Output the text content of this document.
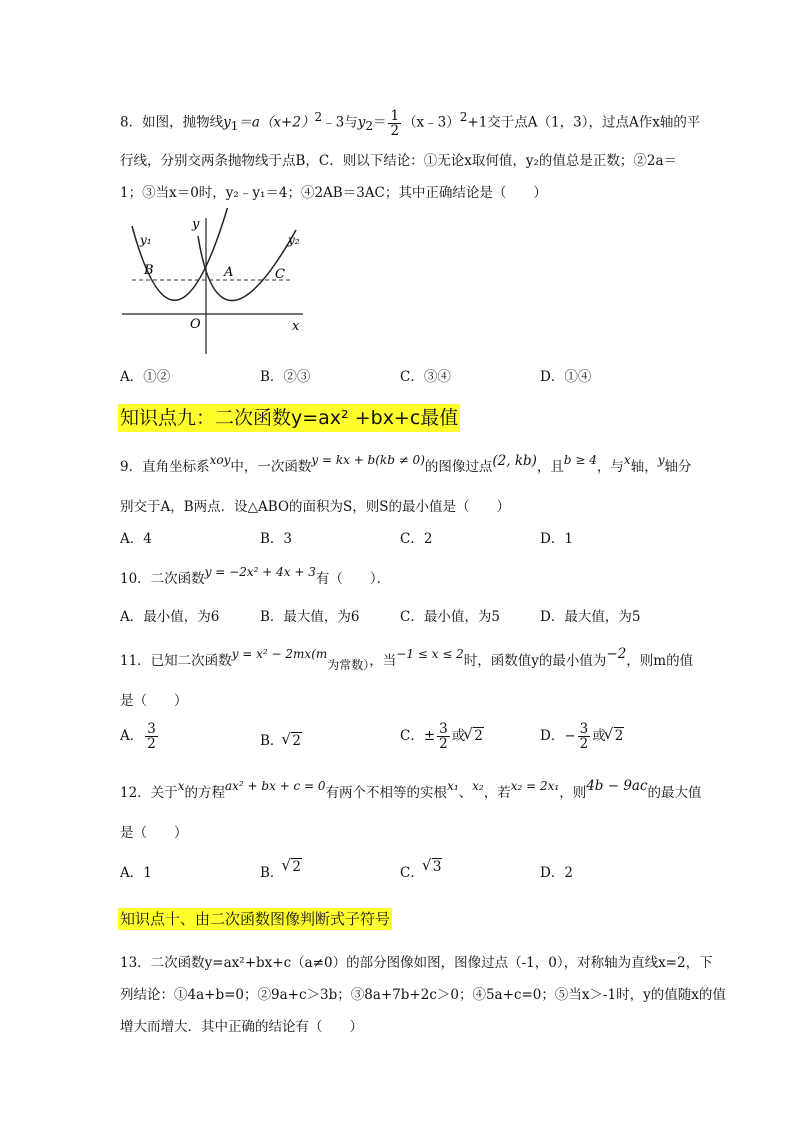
8．如图，抛物线$y_1=a(x+2)^2﹣3$与$y_2= \frac{1}{2}$ （x﹣3）$^2$+1交于点A（1，3），过点A作x轴的平
行线，分别交两条抛物线于点B，C．则以下结论：①无论x取何值，y₂的值总是正数；②2a＝
1；③当x＝0时，y₂﹣y₁＝4；④2AB＝3AC；其中正确结论是（　　）
y
y₁	y₂
B	A	C
O	x
A．①②	B．②③	C．③④	D．①④
知识点九：二次函数y=ax² +bx+c最值
9．直角坐标系xoy中，一次函数y = kx + b(kb ≠ 0)的图像过点(2, kb)，且b ≥ 4，与x轴，y轴分
别交于A，B两点．设△ABO的面积为S，则S的最小值是（　　）
A．4	B．3	C．2	D．1
10．二次函数y = −2x² + 4x + 3有（　　）．
A．最小值，为6	B．最大值，为6	C．最小值，为5	D．最大值，为5
11．已知二次函数y = x² − 2mx(m为常数），当−1 ≤ x ≤ 2时，函数值y的最小值为−2，则m的值
是（　　）
A． $\frac{3}{2}$	B． √ 2	C．± $\frac{3}{2}$ 或 √ 2	D．− $\frac{3}{2}$ 或 √ 2
12．关于x的方程ax² + bx + c = 0有两个不相等的实根x₁、x₂，若x₂ = 2x₁，则4b − 9ac的最大值
是（　　）
A．1	B． √ 2	C． √ 3	D．2
知识点十、由二次函数图像判断式子符号
13．二次函数y=ax²+bx+c（a≠0）的部分图像如图，图像过点（-1，0），对称轴为直线x=2，下
列结论：①4a+b=0；②9a+c＞3b；③8a+7b+2c＞0；④5a+c=0；⑤当x＞-1时，y的值随x的值
增大而增大．其中正确的结论有（　　）
